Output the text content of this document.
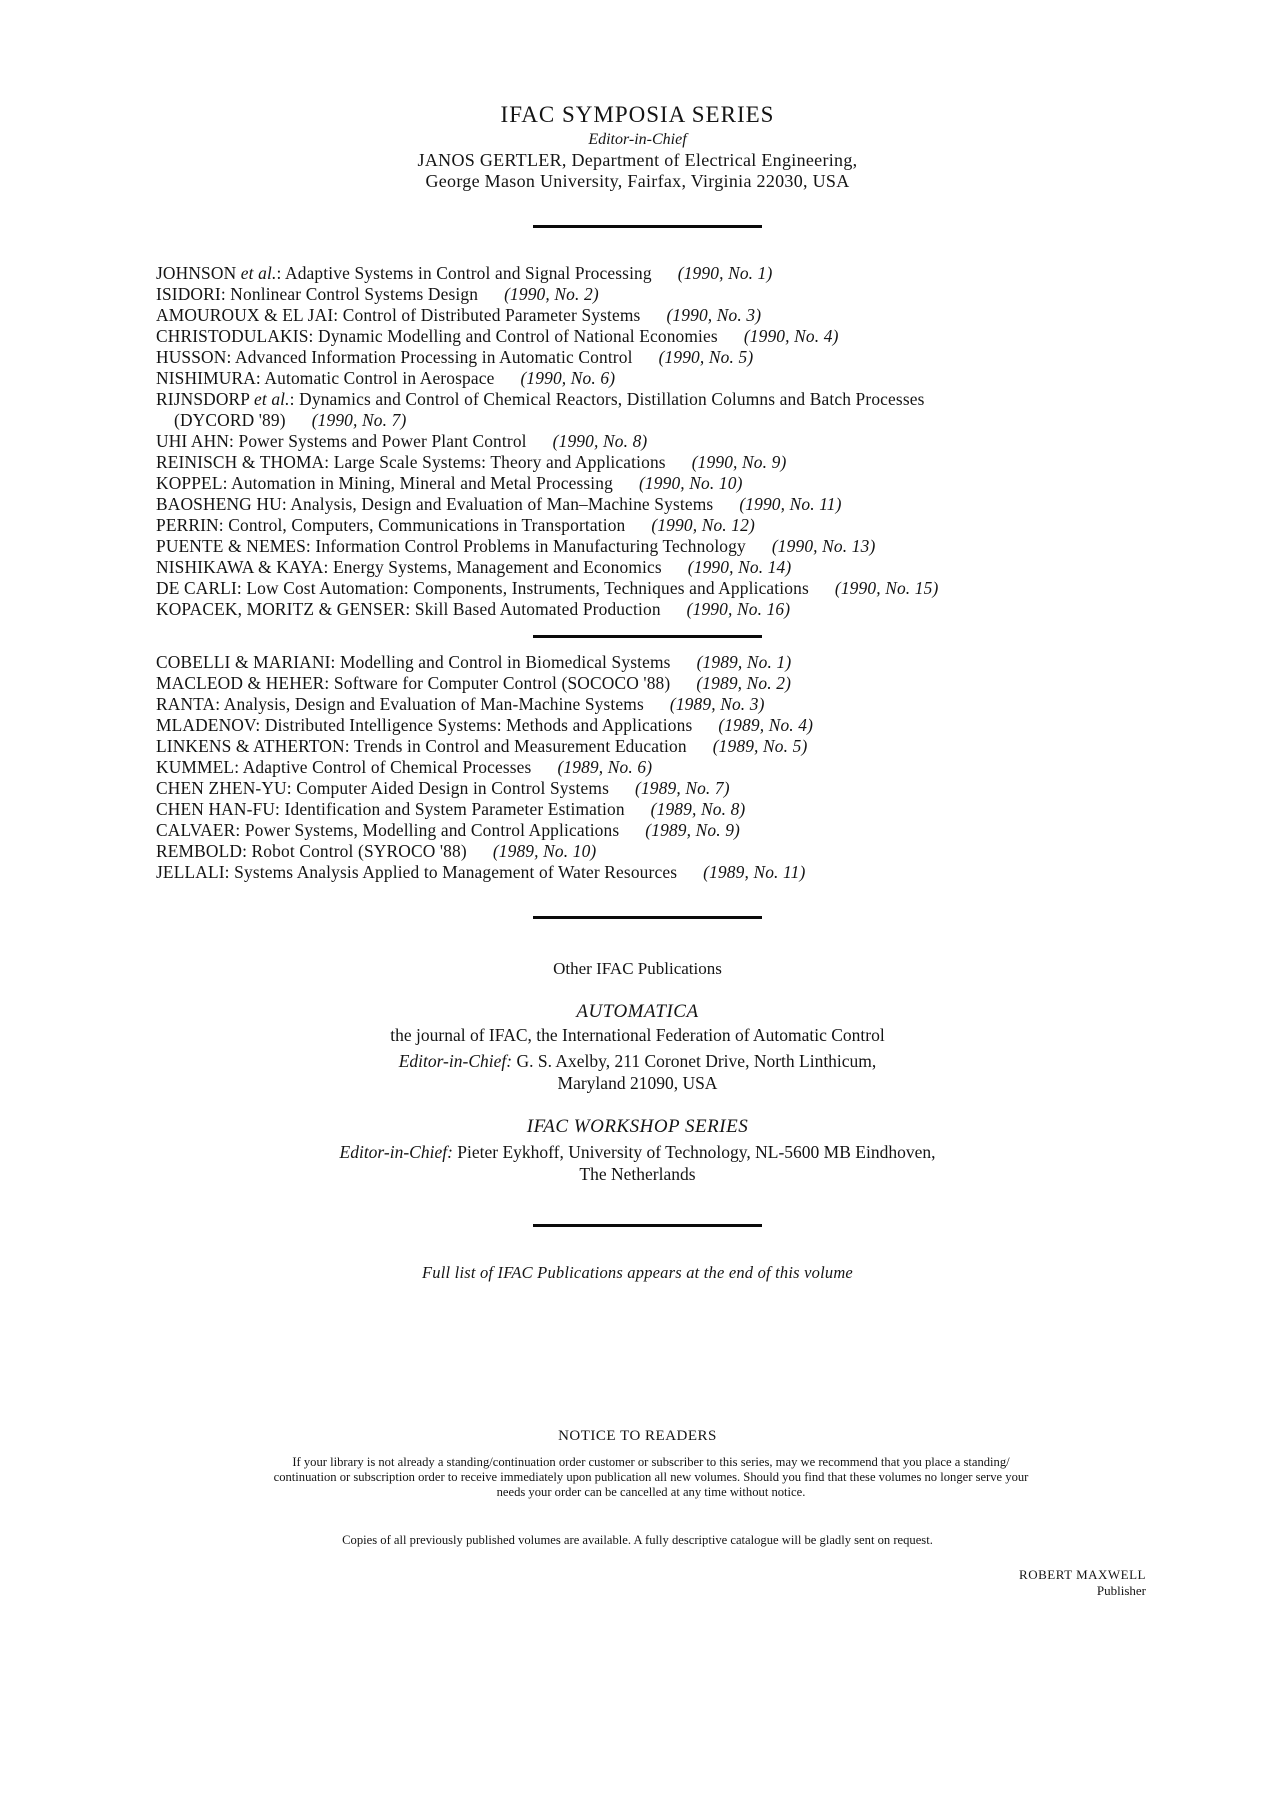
IFAC SYMPOSIA SERIES
Editor-in-Chief
JANOS GERTLER, Department of Electrical Engineering,
George Mason University, Fairfax, Virginia 22030, USA
JOHNSON et al.: Adaptive Systems in Control and Signal Processing (1990, No. 1)
ISIDORI: Nonlinear Control Systems Design (1990, No. 2)
AMOUROUX & EL JAI: Control of Distributed Parameter Systems (1990, No. 3)
CHRISTODULAKIS: Dynamic Modelling and Control of National Economies (1990, No. 4)
HUSSON: Advanced Information Processing in Automatic Control (1990, No. 5)
NISHIMURA: Automatic Control in Aerospace (1990, No. 6)
RIJNSDORP et al.: Dynamics and Control of Chemical Reactors, Distillation Columns and Batch Processes
(DYCORD '89) (1990, No. 7)
UHI AHN: Power Systems and Power Plant Control (1990, No. 8)
REINISCH & THOMA: Large Scale Systems: Theory and Applications (1990, No. 9)
KOPPEL: Automation in Mining, Mineral and Metal Processing (1990, No. 10)
BAOSHENG HU: Analysis, Design and Evaluation of Man–Machine Systems (1990, No. 11)
PERRIN: Control, Computers, Communications in Transportation (1990, No. 12)
PUENTE & NEMES: Information Control Problems in Manufacturing Technology (1990, No. 13)
NISHIKAWA & KAYA: Energy Systems, Management and Economics (1990, No. 14)
DE CARLI: Low Cost Automation: Components, Instruments, Techniques and Applications (1990, No. 15)
KOPACEK, MORITZ & GENSER: Skill Based Automated Production (1990, No. 16)
COBELLI & MARIANI: Modelling and Control in Biomedical Systems (1989, No. 1)
MACLEOD & HEHER: Software for Computer Control (SOCOCO '88) (1989, No. 2)
RANTA: Analysis, Design and Evaluation of Man-Machine Systems (1989, No. 3)
MLADENOV: Distributed Intelligence Systems: Methods and Applications (1989, No. 4)
LINKENS & ATHERTON: Trends in Control and Measurement Education (1989, No. 5)
KUMMEL: Adaptive Control of Chemical Processes (1989, No. 6)
CHEN ZHEN-YU: Computer Aided Design in Control Systems (1989, No. 7)
CHEN HAN-FU: Identification and System Parameter Estimation (1989, No. 8)
CALVAER: Power Systems, Modelling and Control Applications (1989, No. 9)
REMBOLD: Robot Control (SYROCO '88) (1989, No. 10)
JELLALI: Systems Analysis Applied to Management of Water Resources (1989, No. 11)
Other IFAC Publications
AUTOMATICA
the journal of IFAC, the International Federation of Automatic Control
Editor-in-Chief: G. S. Axelby, 211 Coronet Drive, North Linthicum,
Maryland 21090, USA
IFAC WORKSHOP SERIES
Editor-in-Chief: Pieter Eykhoff, University of Technology, NL-5600 MB Eindhoven,
The Netherlands
Full list of IFAC Publications appears at the end of this volume
NOTICE TO READERS
If your library is not already a standing/continuation order customer or subscriber to this series, may we recommend that you place a standing/
continuation or subscription order to receive immediately upon publication all new volumes. Should you find that these volumes no longer serve your
needs your order can be cancelled at any time without notice.
Copies of all previously published volumes are available. A fully descriptive catalogue will be gladly sent on request.
ROBERT MAXWELL
Publisher
